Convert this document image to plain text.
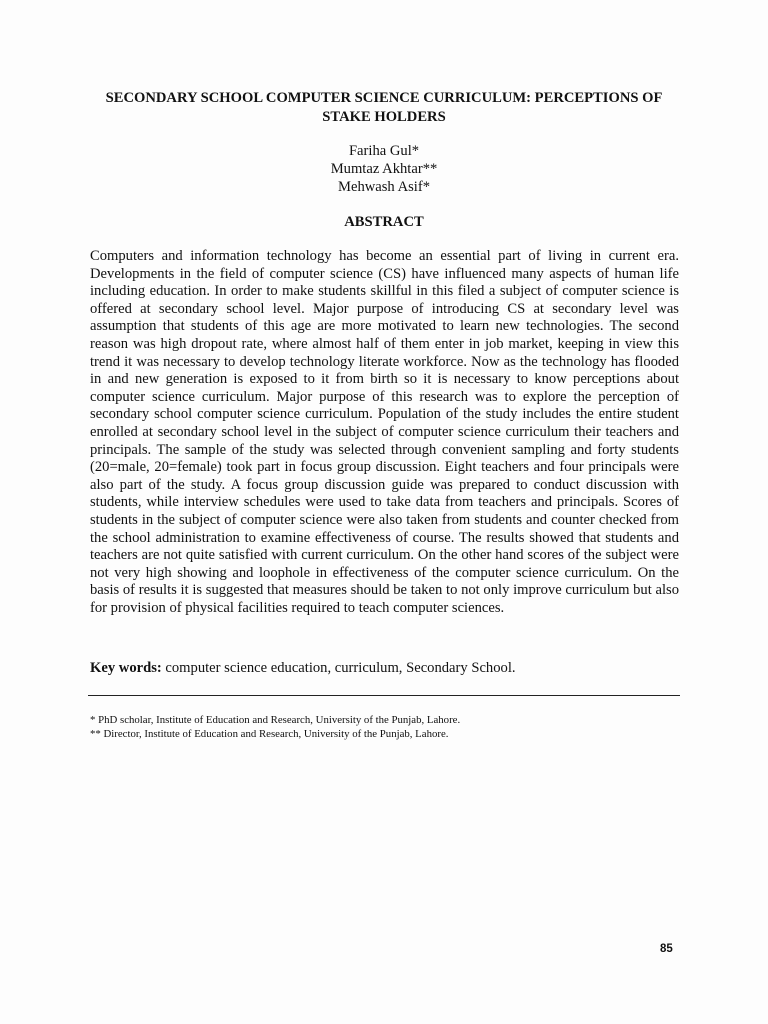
SECONDARY SCHOOL COMPUTER SCIENCE CURRICULUM: PERCEPTIONS OF STAKE HOLDERS
Fariha Gul*
Mumtaz Akhtar**
Mehwash Asif*
ABSTRACT

Computers and information technology has become an essential part of living in current era. Developments in the field of computer science (CS) have influenced many aspects of human life including education. In order to make students skillful in this filed a subject of computer science is offered at secondary school level. Major purpose of introducing CS at secondary level was assumption that students of this age are more motivated to learn new technologies. The second reason was high dropout rate, where almost half of them enter in job market, keeping in view this trend it was necessary to develop technology literate workforce. Now as the technology has flooded in and new generation is exposed to it from birth so it is necessary to know perceptions about computer science curriculum. Major purpose of this research was to explore the perception of secondary school computer science curriculum. Population of the study includes the entire student enrolled at secondary school level in the subject of computer science curriculum their teachers and principals. The sample of the study was selected through convenient sampling and forty students (20=male, 20=female) took part in focus group discussion. Eight teachers and four principals were also part of the study. A focus group discussion guide was prepared to conduct discussion with students, while interview schedules were used to take data from teachers and principals. Scores of students in the subject of computer science were also taken from students and counter checked from the school administration to examine effectiveness of course. The results showed that students and teachers are not quite satisfied with current curriculum. On the other hand scores of the subject were not very high showing and loophole in effectiveness of the computer science curriculum. On the basis of results it is suggested that measures should be taken to not only improve curriculum but also for provision of physical facilities required to teach computer sciences.

Key words: computer science education, curriculum, Secondary School.

* PhD scholar, Institute of Education and Research, University of the Punjab, Lahore.
** Director, Institute of Education and Research, University of the Punjab, Lahore.
85
